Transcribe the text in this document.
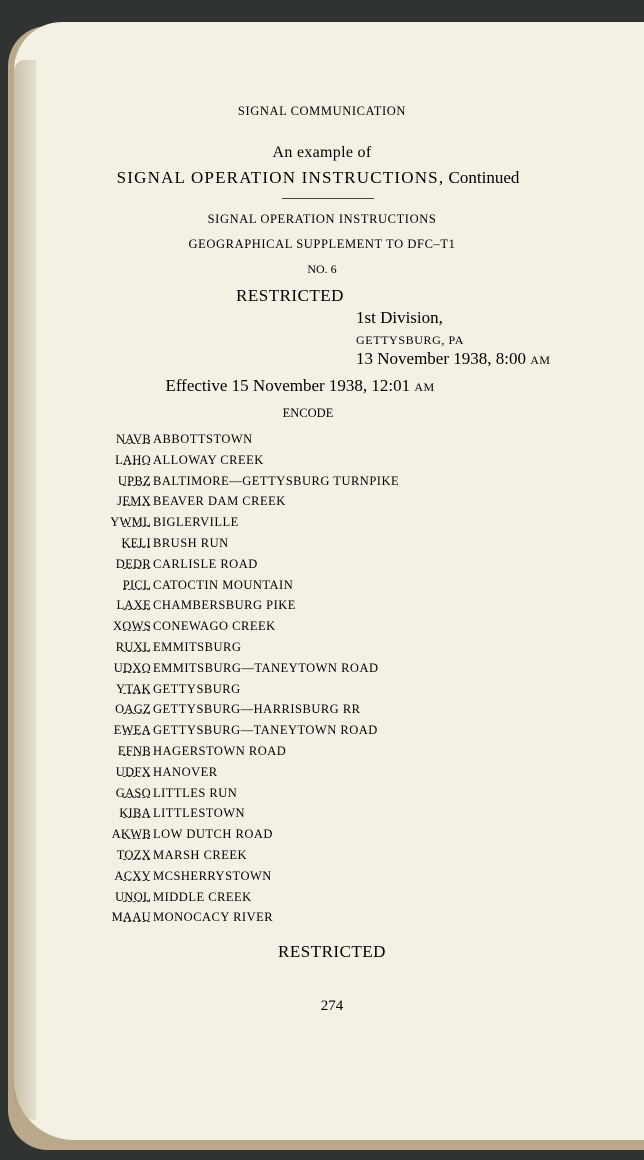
SIGNAL COMMUNICATION
An example of
SIGNAL OPERATION INSTRUCTIONS, Continued
SIGNAL OPERATION INSTRUCTIONS
GEOGRAPHICAL SUPPLEMENT TO DFC–T1
NO. 6
RESTRICTED
1st Division,
GETTYSBURG, PA
13 November 1938, 8:00 AM
Effective 15 November 1938, 12:01 AM
ENCODE
NAVB ABBOTTSTOWN
LAHO ALLOWAY CREEK
UPBZ BALTIMORE—GETTYSBURG TURNPIKE
JEMX BEAVER DAM CREEK
YWML BIGLERVILLE
KELI BRUSH RUN
DEDR CARLISLE ROAD
PICL CATOCTIN MOUNTAIN
LAXE CHAMBERSBURG PIKE
XOWS CONEWAGO CREEK
RUXL EMMITSBURG
UDXO EMMITSBURG—TANEYTOWN ROAD
YTAK GETTYSBURG
OAGZ GETTYSBURG—HARRISBURG RR
EWEA GETTYSBURG—TANEYTOWN ROAD
EFNB HAGERSTOWN ROAD
UDFX HANOVER
GASO LITTLES RUN
KIBA LITTLESTOWN
AKWB LOW DUTCH ROAD
TOZX MARSH CREEK
ACXY MCSHERRYSTOWN
UNOL MIDDLE CREEK
MAAU MONOCACY RIVER
RESTRICTED
274
